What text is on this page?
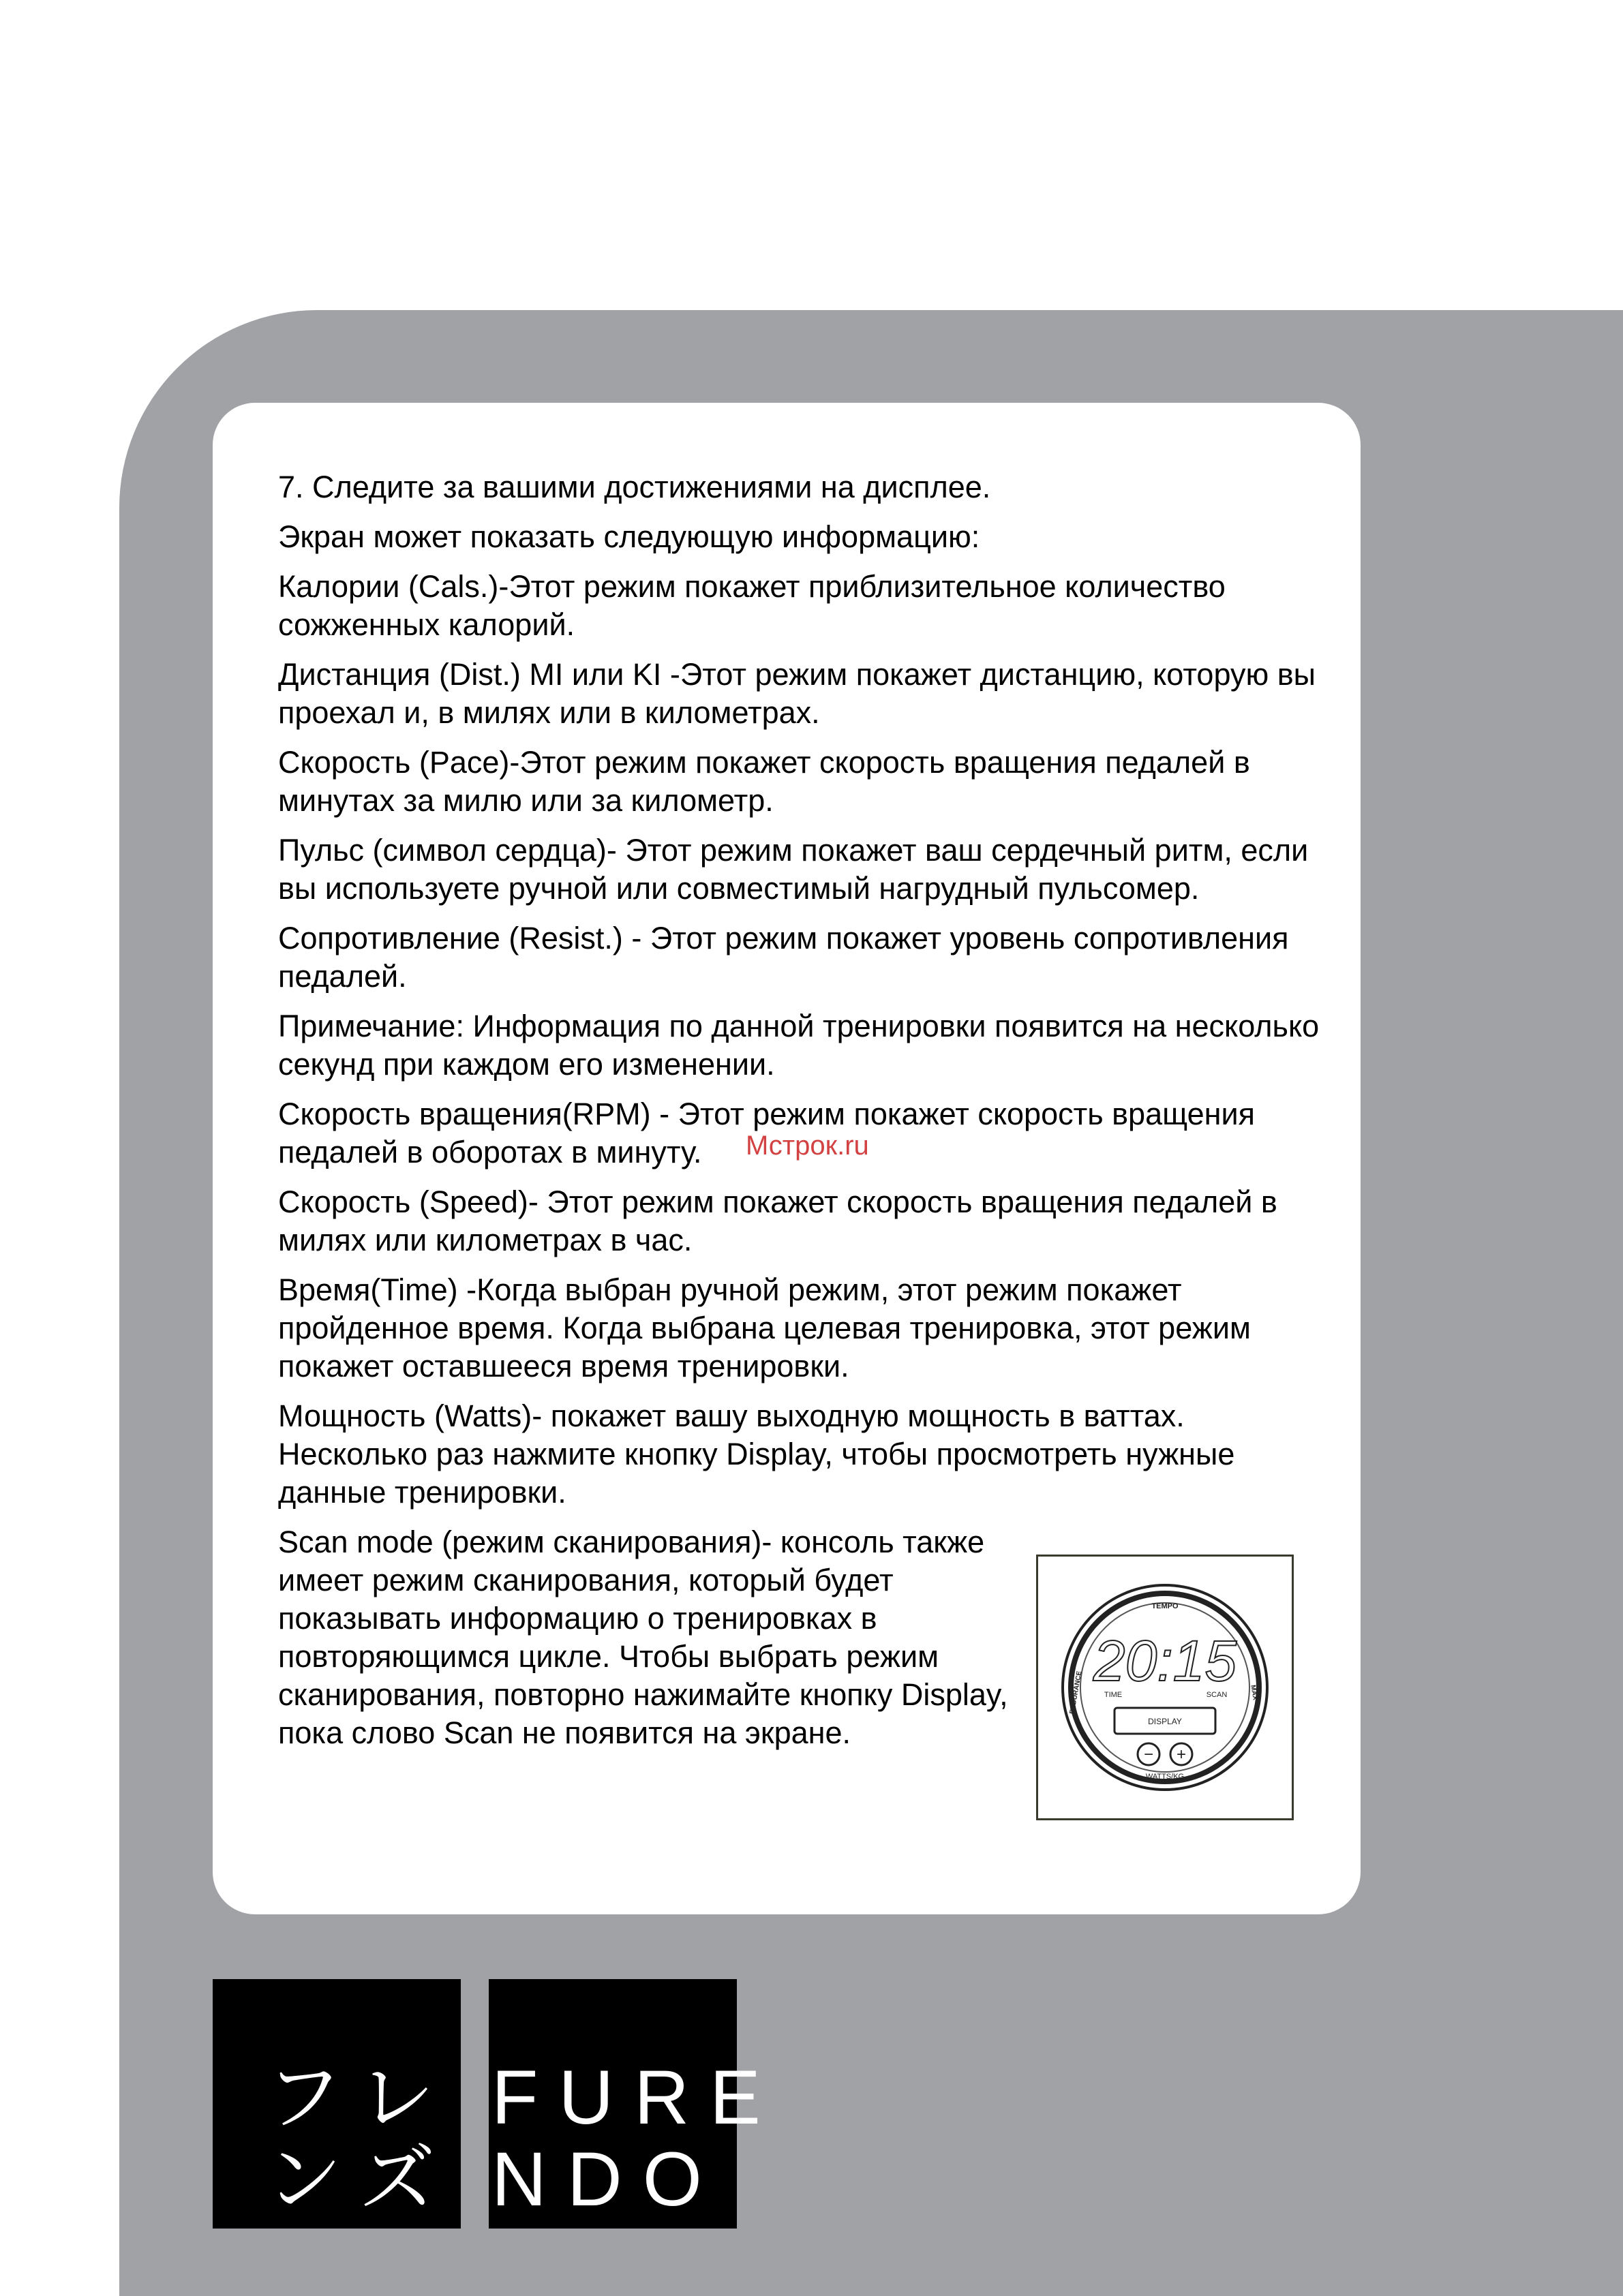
7. Следите за вашими достижениями на дисплее.

Экран может показать следующую информацию:

Калории (Cals.)-Этот режим покажет приблизительное количество сожженных калорий.

Дистанция (Dist.) MI или KI -Этот режим покажет дистанцию, которую вы проехал и, в милях или в километрах.

Скорость (Pace)-Этот режим покажет скорость вращения педалей в минутах за милю или за километр.

Пульс (символ сердца)- Этот режим покажет ваш сердечный ритм, если вы используете ручной или совместимый нагрудный пульсомер.

Сопротивление (Resist.) - Этот режим покажет уровень сопротивления педалей.

Примечание: Информация по данной тренировки появится на несколько секунд при каждом его изменении.

Скорость вращения(RPM) - Этот режим покажет скорость вращения педалей в оборотах в минуту.

Скорость (Speed)- Этот режим покажет скорость вращения педалей в милях или километрах в час.

Время(Time) -Когда выбран ручной режим, этот режим покажет пройденное время. Когда выбрана целевая тренировка, этот режим покажет оставшееся время тренировки.

Мощность (Watts)- покажет вашу выходную мощность в ваттах. Несколько раз нажмите кнопку Display, чтобы просмотреть нужные данные тренировки.

Scan mode (режим сканирования)- консоль также имеет режим сканирования, который будет показывать информацию о тренировках в повторяющимся цикле. Чтобы выбрать режим сканирования, повторно нажимайте кнопку Display, пока слово Scan не появится на экране.

Мстрок.ru
TEMPO
ENDURANCE	MAX
20:15
TIME	SCAN
DISPLAY
− +
WATTS/KG
フレ
ンズ
FURE
NDO
